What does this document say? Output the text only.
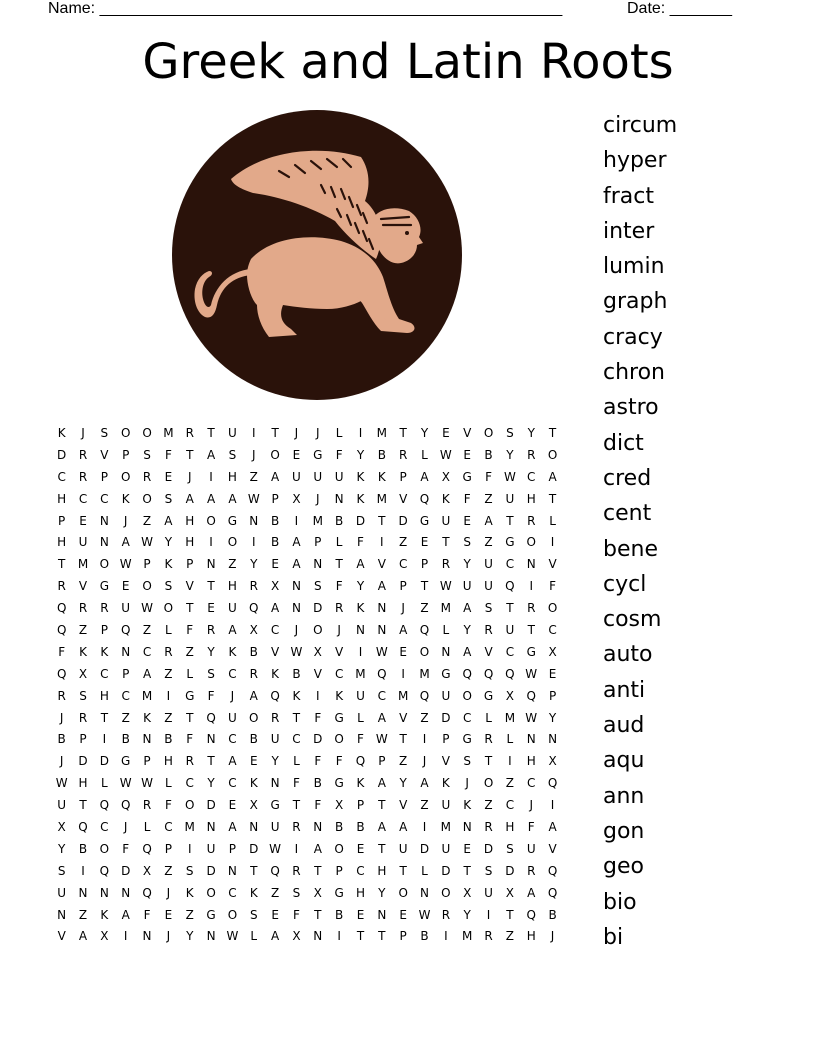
Name: ____________________________________________________	Date: _______
Greek and Latin Roots
circum
hyper
fract
inter
lumin
graph
cracy
chron
astro
dict
cred
cent
bene
cycl
cosm
auto
anti
aud
aqu
ann
gon
geo
bio
bi
K	J	S	O	O	M	R	T	U	I	T	J	J	L	I	M	T	Y	E	V	O	S	Y	T
D	R	V	P	S	F	T	A	S	J	O	E	G	F	Y	B	R	L	W	E	B	Y	R	O
C	R	P	O	R	E	J	I	H	Z	A	U	U	U	K	K	P	A	X	G	F	W	C	A
H	C	C	K	O	S	A	A	A	W	P	X	J	N	K	M	V	Q	K	F	Z	U	H	T
P	E	N	J	Z	A	H	O	G	N	B	I	M	B	D	T	D	G	U	E	A	T	R	L
H	U	N	A	W	Y	H	I	O	I	B	A	P	L	F	I	Z	E	T	S	Z	G	O	I
T	M	O	W	P	K	P	N	Z	Y	E	A	N	T	A	V	C	P	R	Y	U	C	N	V
R	V	G	E	O	S	V	T	H	R	X	N	S	F	Y	A	P	T	W	U	U	Q	I	F
Q	R	R	U	W	O	T	E	U	Q	A	N	D	R	K	N	J	Z	M	A	S	T	R	O
Q	Z	P	Q	Z	L	F	R	A	X	C	J	O	J	N	N	A	Q	L	Y	R	U	T	C
F	K	K	N	C	R	Z	Y	K	B	V	W	X	V	I	W	E	O	N	A	V	C	G	X
Q	X	C	P	A	Z	L	S	C	R	K	B	V	C	M	Q	I	M	G	Q	Q	Q	W	E
R	S	H	C	M	I	G	F	J	A	Q	K	I	K	U	C	M	Q	U	O	G	X	Q	P
J	R	T	Z	K	Z	T	Q	U	O	R	T	F	G	L	A	V	Z	D	C	L	M	W	Y
B	P	I	B	N	B	F	N	C	B	U	C	D	O	F	W	T	I	P	G	R	L	N	N
J	D	D	G	P	H	R	T	A	E	Y	L	F	F	Q	P	Z	J	V	S	T	I	H	X
W	H	L	W	W	L	C	Y	C	K	N	F	B	G	K	A	Y	A	K	J	O	Z	C	Q
U	T	Q	Q	R	F	O	D	E	X	G	T	F	X	P	T	V	Z	U	K	Z	C	J	I
X	Q	C	J	L	C	M	N	A	N	U	R	N	B	B	A	A	I	M	N	R	H	F	A
Y	B	O	F	Q	P	I	U	P	D	W	I	A	O	E	T	U	D	U	E	D	S	U	V
S	I	Q	D	X	Z	S	D	N	T	Q	R	T	P	C	H	T	L	D	T	S	D	R	Q
U	N	N	N	Q	J	K	O	C	K	Z	S	X	G	H	Y	O	N	O	X	U	X	A	Q
N	Z	K	A	F	E	Z	G	O	S	E	F	T	B	E	N	E	W	R	Y	I	T	Q	B
V	A	X	I	N	J	Y	N	W	L	A	X	N	I	T	T	P	B	I	M	R	Z	H	J
